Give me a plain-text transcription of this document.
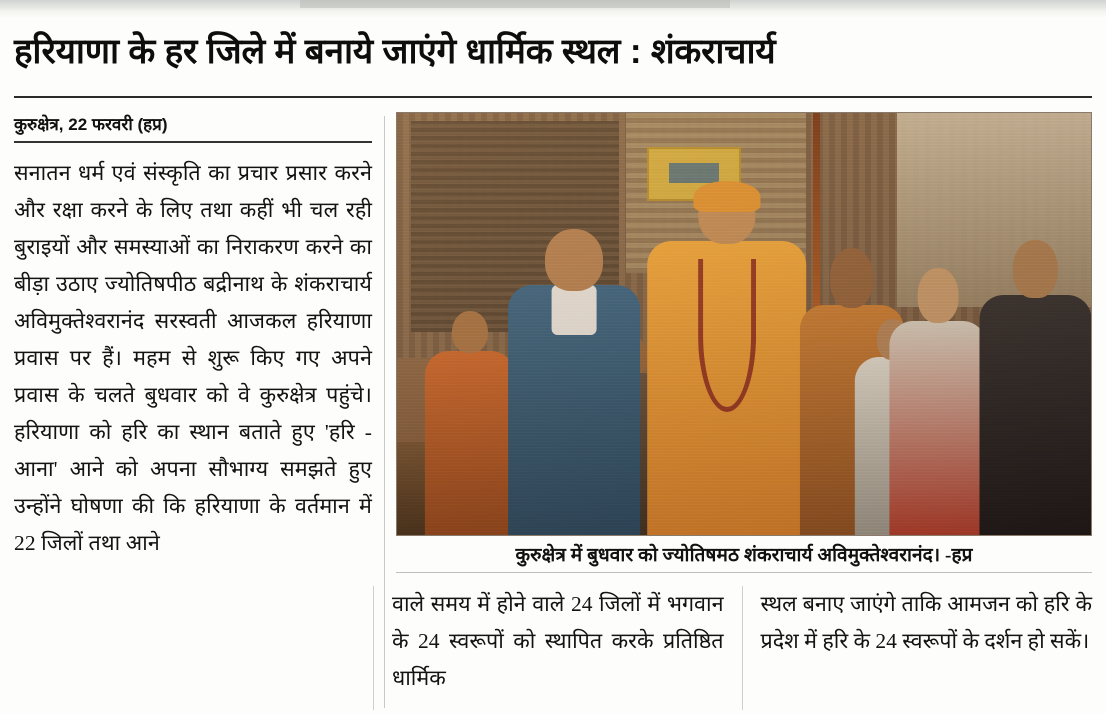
हरियाणा के हर जिले में बनाये जाएंगे धार्मिक स्थल : शंकराचार्य
कुरुक्षेत्र, 22 फरवरी (हप्र)
सनातन धर्म एवं संस्कृति का प्रचार प्रसार करने और रक्षा करने के लिए तथा कहीं भी चल रही बुराइयों और समस्याओं का निराकरण करने का बीड़ा उठाए ज्योतिषपीठ बद्रीनाथ के शंकराचार्य अविमुक्तेश्वरानंद सरस्वती आजकल हरियाणा प्रवास पर हैं। महम से शुरू किए गए अपने प्रवास के चलते बुधवार को वे कुरुक्षेत्र पहुंचे। हरियाणा को हरि का स्थान बताते हुए 'हरि - आना' आने को अपना सौभाग्य समझते हुए उन्होंने घोषणा की कि हरियाणा के वर्तमान में 22 जिलों तथा आने
कुरुक्षेत्र में बुधवार को ज्योतिषमठ शंकराचार्य अविमुक्तेश्वरानंद। -हप्र
वाले समय में होने वाले 24 जिलों में भगवान के 24 स्वरूपों को स्थापित करके प्रतिष्ठित धार्मिक
स्थल बनाए जाएंगे ताकि आमजन को हरि के प्रदेश में हरि के 24 स्वरूपों के दर्शन हो सकें।
